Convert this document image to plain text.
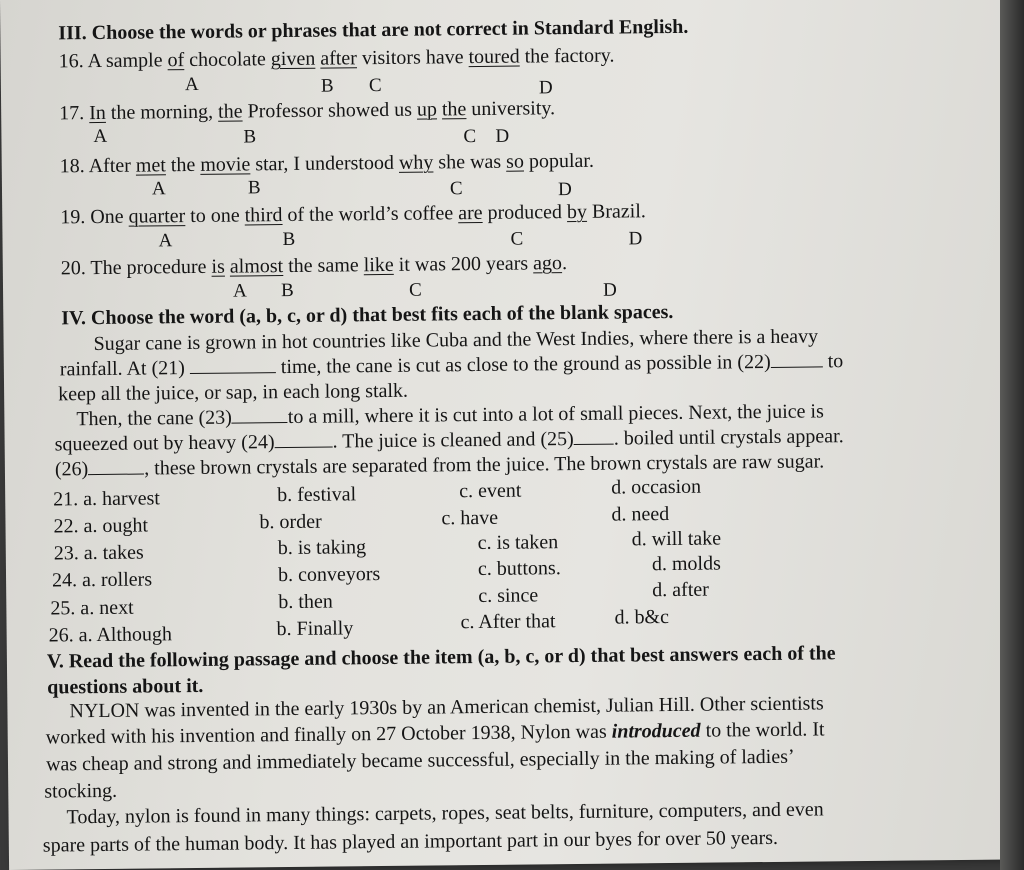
III. Choose the words or phrases that are not correct in Standard English.
16. A sample of chocolate given after visitors have toured the factory.
A	B C	D
17. In the morning, the Professor showed us up the university.
A	B	C D
18. After met the movie star, I understood why she was so popular.
A	B	C	D
19. One quarter to one third of the world’s coffee are produced by Brazil.
A	B	C	D
20. The procedure is almost the same like it was 200 years ago.
A B	C	D
IV. Choose the word (a, b, c, or d) that best fits each of the blank spaces.
Sugar cane is grown in hot countries like Cuba and the West Indies, where there is a heavy
rainfall. At (21)	time, the cane is cut as close to the ground as possible in (22)	to
keep all the juice, or sap, in each long stalk.
Then, the cane (23)	to a mill, where it is cut into a lot of small pieces. Next, the juice is
squeezed out by heavy (24)	. The juice is cleaned and (25) . boiled until crystals appear.
(26)	, these brown crystals are separated from the juice. The brown crystals are raw sugar.
21. a. harvest	b. festival	c. event	d. occasion
22. a. ought	b. order	c. have	d. need
23. a. takes	b. is taking	c. is taken	d. will take
24. a. rollers	b. conveyors	c. buttons.	d. molds
25. a. next	b. then	c. since	d. after
26. a. Although	b. Finally	c. After that	d. b&c
V. Read the following passage and choose the item (a, b, c, or d) that best answers each of the
questions about it.
NYLON was invented in the early 1930s by an American chemist, Julian Hill. Other scientists
worked with his invention and finally on 27 October 1938, Nylon was introduced to the world. It
was cheap and strong and immediately became successful, especially in the making of ladies’
stocking.
Today, nylon is found in many things: carpets, ropes, seat belts, furniture, computers, and even
spare parts of the human body. It has played an important part in our byes for over 50 years.
